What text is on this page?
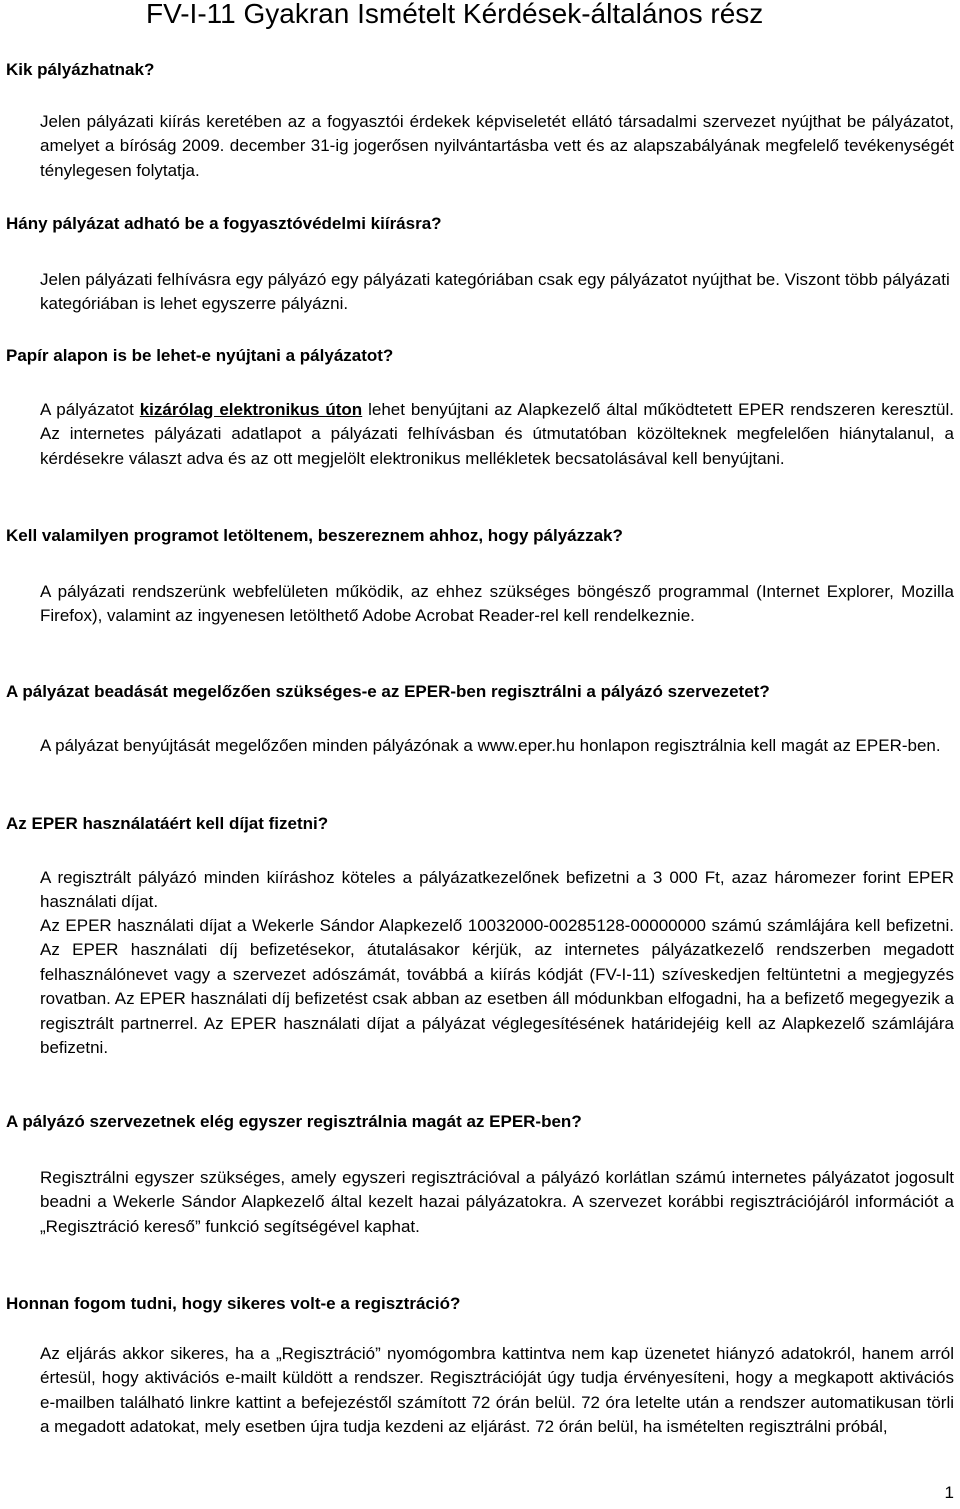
FV-I-11 Gyakran Ismételt Kérdések-általános rész

Kik pályázhatnak?

Jelen pályázati kiírás keretében az a fogyasztói érdekek képviseletét ellátó társadalmi szervezet nyújthat be pályázatot, amelyet a bíróság 2009. december 31-ig jogerősen nyilvántartásba vett és az alapszabályának megfelelő tevékenységét ténylegesen folytatja.

Hány pályázat adható be a fogyasztóvédelmi kiírásra?

Jelen pályázati felhívásra egy pályázó egy pályázati kategóriában csak egy pályázatot nyújthat be. Viszont több pályázati kategóriában is lehet egyszerre pályázni.

Papír alapon is be lehet-e nyújtani a pályázatot?

A pályázatot kizárólag elektronikus úton lehet benyújtani az Alapkezelő által működtetett EPER rendszeren keresztül. Az internetes pályázati adatlapot a pályázati felhívásban és útmutatóban közölteknek megfelelően hiánytalanul, a kérdésekre választ adva és az ott megjelölt elektronikus mellékletek becsatolásával kell benyújtani.

Kell valamilyen programot letöltenem, beszereznem ahhoz, hogy pályázzak?

A pályázati rendszerünk webfelületen működik, az ehhez szükséges böngésző programmal (Internet Explorer, Mozilla Firefox), valamint az ingyenesen letölthető Adobe Acrobat Reader-rel kell rendelkeznie.

A pályázat beadását megelőzően szükséges-e az EPER-ben regisztrálni a pályázó szervezetet?

A pályázat benyújtását megelőzően minden pályázónak a www.eper.hu honlapon regisztrálnia kell magát az EPER-ben.

Az EPER használatáért kell díjat fizetni?

A regisztrált pályázó minden kiíráshoz köteles a pályázatkezelőnek befizetni a 3 000 Ft, azaz háromezer forint EPER használati díjat.

Az EPER használati díjat a Wekerle Sándor Alapkezelő 10032000-00285128-00000000 számú számlájára kell befizetni. Az EPER használati díj befizetésekor, átutalásakor kérjük, az internetes pályázatkezelő rendszerben megadott felhasználónevet vagy a szervezet adószámát, továbbá a kiírás kódját (FV-I-11) szíveskedjen feltüntetni a megjegyzés rovatban. Az EPER használati díj befizetést csak abban az esetben áll módunkban elfogadni, ha a befizető megegyezik a regisztrált partnerrel. Az EPER használati díjat a pályázat véglegesítésének határidejéig kell az Alapkezelő számlájára befizetni.

A pályázó szervezetnek elég egyszer regisztrálnia magát az EPER-ben?

Regisztrálni egyszer szükséges, amely egyszeri regisztrációval a pályázó korlátlan számú internetes pályázatot jogosult beadni a Wekerle Sándor Alapkezelő által kezelt hazai pályázatokra. A szervezet korábbi regisztrációjáról információt a „Regisztráció kereső” funkció segítségével kaphat.

Honnan fogom tudni, hogy sikeres volt-e a regisztráció?

Az eljárás akkor sikeres, ha a „Regisztráció” nyomógombra kattintva nem kap üzenetet hiányzó adatokról, hanem arról értesül, hogy aktivációs e-mailt küldött a rendszer. Regisztrációját úgy tudja érvényesíteni, hogy a megkapott aktivációs e-mailben található linkre kattint a befejezéstől számított 72 órán belül. 72 óra letelte után a rendszer automatikusan törli a megadott adatokat, mely esetben újra tudja kezdeni az eljárást. 72 órán belül, ha ismételten regisztrálni próbál,

1
